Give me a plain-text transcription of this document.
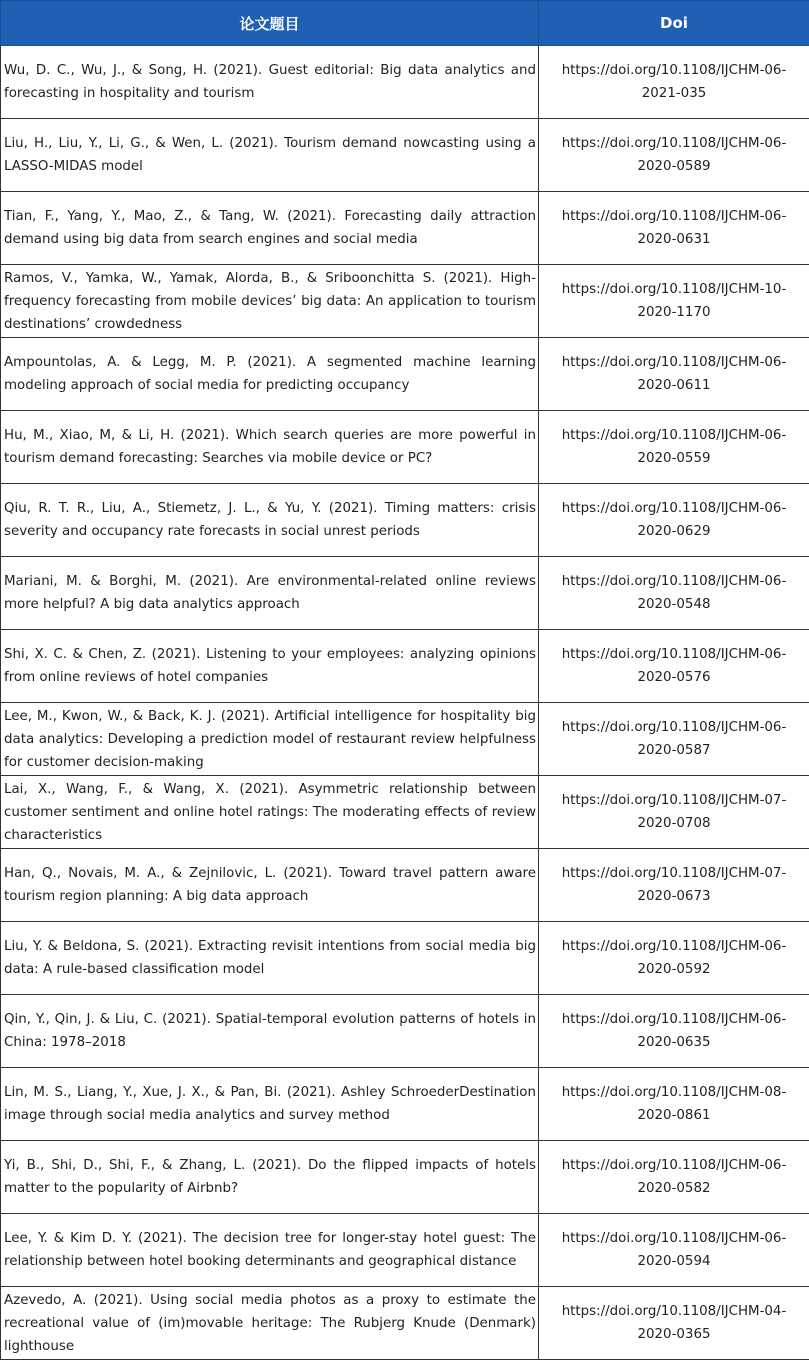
论文题目	Doi
Wu, D. C., Wu, J., & Song, H. (2021). Guest editorial: Big data analytics and forecasting in hospitality and tourism	https://doi.org/10.1108/IJCHM-06-2021-035
Liu, H., Liu, Y., Li, G., & Wen, L. (2021). Tourism demand nowcasting using a LASSO-MIDAS model	https://doi.org/10.1108/IJCHM-06-2020-0589
Tian, F., Yang, Y., Mao, Z., & Tang, W. (2021). Forecasting daily attraction demand using big data from search engines and social media	https://doi.org/10.1108/IJCHM-06-2020-0631
Ramos, V., Yamka, W., Yamak, Alorda, B., & Sriboonchitta S. (2021). High-frequency forecasting from mobile devices’ big data: An application to tourism destinations’ crowdedness	https://doi.org/10.1108/IJCHM-10-2020-1170
Ampountolas, A. & Legg, M. P. (2021). A segmented machine learning modeling approach of social media for predicting occupancy	https://doi.org/10.1108/IJCHM-06-2020-0611
Hu, M., Xiao, M, & Li, H. (2021). Which search queries are more powerful in tourism demand forecasting: Searches via mobile device or PC?	https://doi.org/10.1108/IJCHM-06-2020-0559
Qiu, R. T. R., Liu, A., Stiemetz, J. L., & Yu, Y. (2021). Timing matters: crisis severity and occupancy rate forecasts in social unrest periods	https://doi.org/10.1108/IJCHM-06-2020-0629
Mariani, M. & Borghi, M. (2021). Are environmental-related online reviews more helpful? A big data analytics approach	https://doi.org/10.1108/IJCHM-06-2020-0548
Shi, X. C. & Chen, Z. (2021). Listening to your employees: analyzing opinions from online reviews of hotel companies	https://doi.org/10.1108/IJCHM-06-2020-0576
Lee, M., Kwon, W., & Back, K. J. (2021). Artificial intelligence for hospitality big data analytics: Developing a prediction model of restaurant review helpfulness for customer decision-making	https://doi.org/10.1108/IJCHM-06-2020-0587
Lai, X., Wang, F., & Wang, X. (2021). Asymmetric relationship between customer sentiment and online hotel ratings: The moderating effects of review characteristics	https://doi.org/10.1108/IJCHM-07-2020-0708
Han, Q., Novais, M. A., & Zejnilovic, L. (2021). Toward travel pattern aware tourism region planning: A big data approach	https://doi.org/10.1108/IJCHM-07-2020-0673
Liu, Y. & Beldona, S. (2021). Extracting revisit intentions from social media big data: A rule-based classification model	https://doi.org/10.1108/IJCHM-06-2020-0592
Qin, Y., Qin, J. & Liu, C. (2021). Spatial-temporal evolution patterns of hotels in China: 1978–2018	https://doi.org/10.1108/IJCHM-06-2020-0635
Lin, M. S., Liang, Y., Xue, J. X., & Pan, Bi. (2021). Ashley SchroederDestination image through social media analytics and survey method	https://doi.org/10.1108/IJCHM-08-2020-0861
Yi, B., Shi, D., Shi, F., & Zhang, L. (2021). Do the flipped impacts of hotels matter to the popularity of Airbnb?	https://doi.org/10.1108/IJCHM-06-2020-0582
Lee, Y. & Kim D. Y. (2021). The decision tree for longer-stay hotel guest: The relationship between hotel booking determinants and geographical distance	https://doi.org/10.1108/IJCHM-06-2020-0594
Azevedo, A. (2021). Using social media photos as a proxy to estimate the recreational value of (im)movable heritage: The Rubjerg Knude (Denmark) lighthouse	https://doi.org/10.1108/IJCHM-04-2020-0365
